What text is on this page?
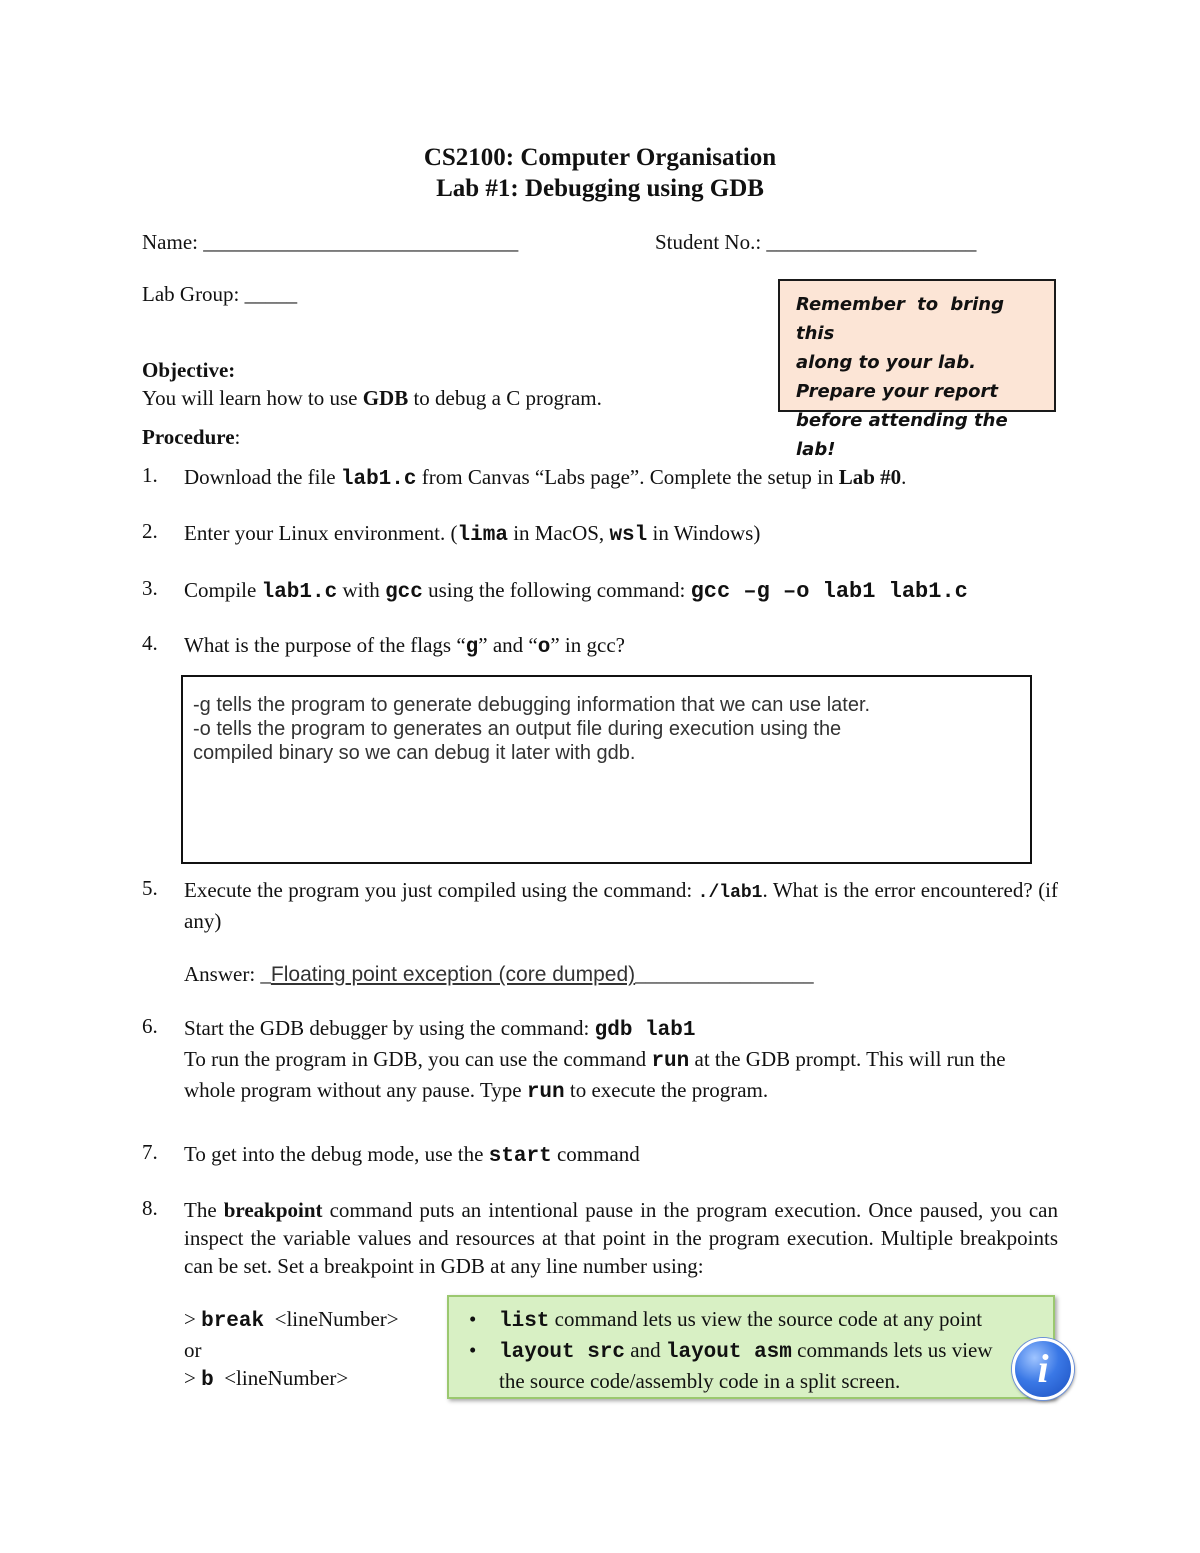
CS2100: Computer Organisation
Lab #1: Debugging using GDB
Name: ______________________________	Student No.: ____________________
Lab Group: _____	Remember to bring this
along to your lab.
Prepare your report
before attending the lab!
Objective:
You will learn how to use GDB to debug a C program.
Procedure:
1. Download the file lab1.c from Canvas “Labs page”. Complete the setup in Lab #0.
2. Enter your Linux environment. (lima in MacOS, wsl in Windows)
3. Compile lab1.c with gcc using the following command: gcc –g –o lab1 lab1.c
4. What is the purpose of the flags “g” and “o” in gcc?
-g tells the program to generate debugging information that we can use later.
-o tells the program to generates an output file during execution using the
compiled binary so we can debug it later with gdb.
5. Execute the program you just compiled using the command: ./lab1. What is the error encountered? (if any)
Answer: _Floating point exception (core dumped)_________________
6. Start the GDB debugger by using the command: gdb lab1
To run the program in GDB, you can use the command run at the GDB prompt. This will run the whole program without any pause. Type run to execute the program.
7. To get into the debug mode, use the start command
8. The breakpoint command puts an intentional pause in the program execution. Once paused, you can inspect the variable values and resources at that point in the program execution. Multiple breakpoints can be set. Set a breakpoint in GDB at any line number using:
> break <lineNumber>
or
> b <lineNumber>
• list command lets us view the source code at any point
• layout src and layout asm commands lets us view the source code/assembly code in a split screen.	i
